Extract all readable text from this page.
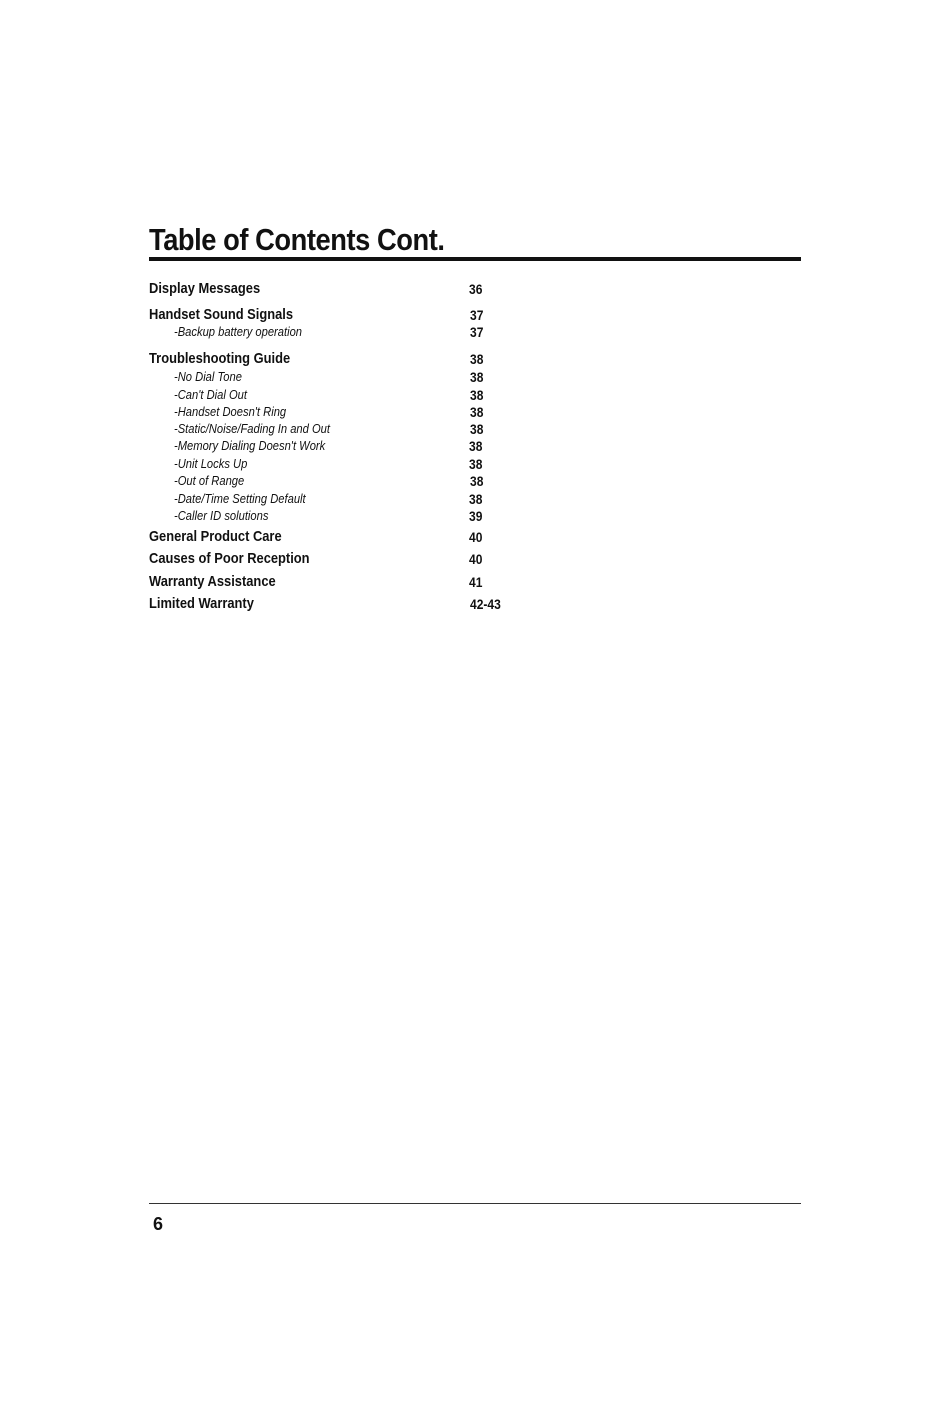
Table of Contents Cont.
Display Messages	36
Handset Sound Signals	37
-Backup battery operation	37
Troubleshooting Guide	38
-No Dial Tone	38
-Can't Dial Out	38
-Handset Doesn't Ring	38
-Static/Noise/Fading In and Out	38
-Memory Dialing Doesn't Work	38
-Unit Locks Up	38
-Out of Range	38
-Date/Time Setting Default	38
-Caller ID solutions	39
General Product Care	40
Causes of Poor Reception	40
Warranty Assistance	41
Limited Warranty	42-43
6
